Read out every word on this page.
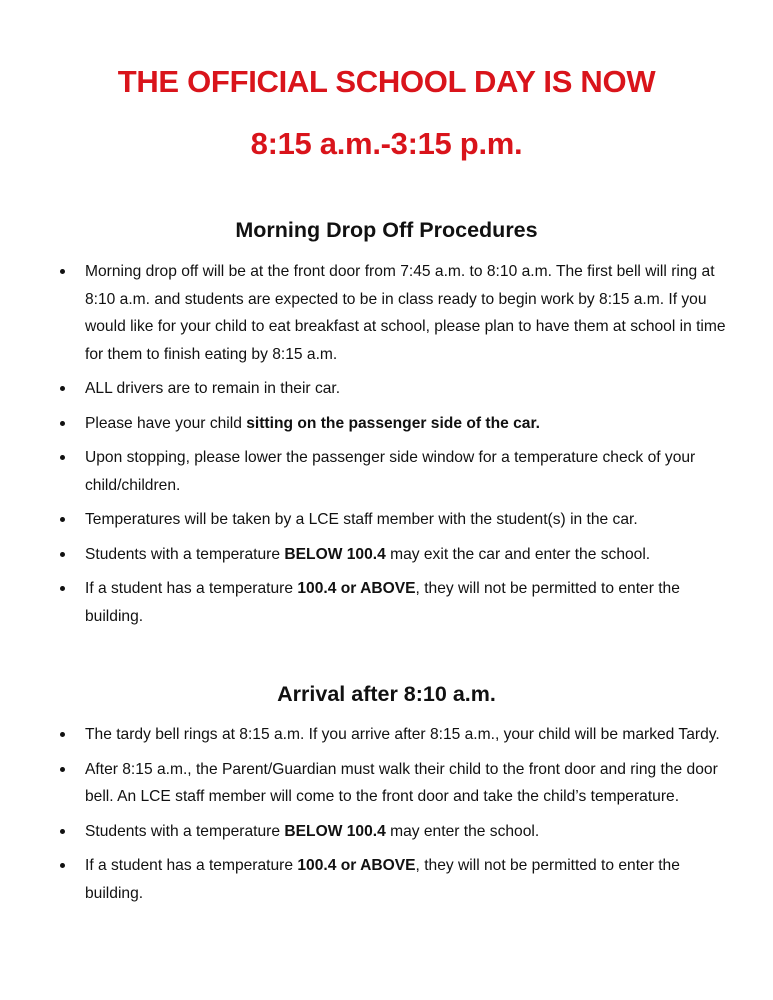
THE OFFICIAL SCHOOL DAY IS NOW
8:15 a.m.-3:15 p.m.
Morning Drop Off Procedures
Morning drop off will be at the front door from 7:45 a.m. to 8:10 a.m. The first bell will ring at 8:10 a.m. and students are expected to be in class ready to begin work by 8:15 a.m. If you would like for your child to eat breakfast at school, please plan to have them at school in time for them to finish eating by 8:15 a.m.
ALL drivers are to remain in their car.
Please have your child sitting on the passenger side of the car.
Upon stopping, please lower the passenger side window for a temperature check of your child/children.
Temperatures will be taken by a LCE staff member with the student(s) in the car.
Students with a temperature BELOW 100.4 may exit the car and enter the school.
If a student has a temperature 100.4 or ABOVE, they will not be permitted to enter the building.
Arrival after 8:10 a.m.
The tardy bell rings at 8:15 a.m. If you arrive after 8:15 a.m., your child will be marked Tardy.
After 8:15 a.m., the Parent/Guardian must walk their child to the front door and ring the door bell. An LCE staff member will come to the front door and take the child’s temperature.
Students with a temperature BELOW 100.4 may enter the school.
If a student has a temperature 100.4 or ABOVE, they will not be permitted to enter the building.
